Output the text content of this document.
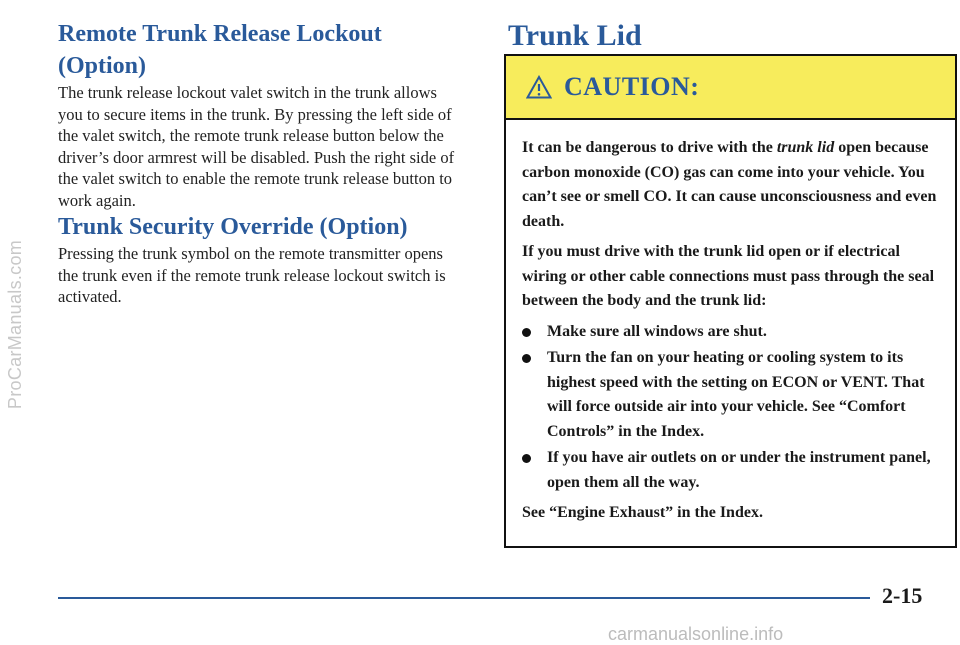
ProCarManuals.com
Remote Trunk Release Lockout (Option)

The trunk release lockout valet switch in the trunk allows you to secure items in the trunk. By pressing the left side of the valet switch, the remote trunk release button below the driver’s door armrest will be disabled. Push the right side of the valet switch to enable the remote trunk release button to work again.

Trunk Security Override (Option)

Pressing the trunk symbol on the remote transmitter opens the trunk even if the remote trunk release lockout switch is activated.

Trunk Lid
CAUTION:

It can be dangerous to drive with the trunk lid open because carbon monoxide (CO) gas can come into your vehicle. You can’t see or smell CO. It can cause unconsciousness and even death.

If you must drive with the trunk lid open or if electrical wiring or other cable connections must pass through the seal between the body and the trunk lid:

Make sure all windows are shut.
Turn the fan on your heating or cooling system to its highest speed with the setting on ECON or VENT. That will force outside air into your vehicle. See “Comfort Controls” in the Index.
If you have air outlets on or under the instrument panel, open them all the way.

See “Engine Exhaust” in the Index.

2-15
carmanualsonline.info
